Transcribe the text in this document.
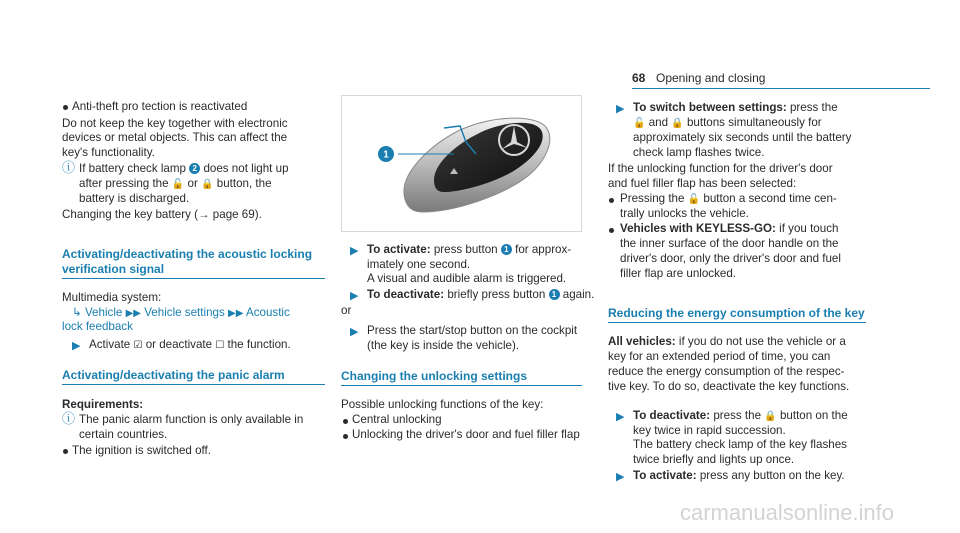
68 Opening and closing
Anti-theft pro tection is reactivated
Do not keep the key together with electronic
devices or metal objects. This can affect the
key's functionality.
ⓘ If battery check lamp 2 does not light up
after pressing the 🔓 or 🔒 button, the
battery is discharged.
Changing the key battery (→ page 69).
Activating/deactivating the acoustic locking
verification signal
Multimedia system:
↳ Vehicle ▶▶ Vehicle settings ▶▶ Acoustic
lock feedback
▶ Activate ☑ or deactivate ☐ the function.
Activating/deactivating the panic alarm
Requirements:
ⓘ The panic alarm function is only available in
certain countries.
The ignition is switched off.
1
▶ To activate: press button 1 for approx-
imately one second.
A visual and audible alarm is triggered.
▶ To deactivate: briefly press button 1 again.
or
▶ Press the start/stop button on the cockpit
(the key is inside the vehicle).
Changing the unlocking settings
Possible unlocking functions of the key:
Central unlocking
Unlocking the driver's door and fuel filler flap
▶ To switch between settings: press the
🔓 and 🔒 buttons simultaneously for
approximately six seconds until the battery
check lamp flashes twice.
If the unlocking function for the driver's door
and fuel filler flap has been selected:
Pressing the 🔓 button a second time cen-
trally unlocks the vehicle.
Vehicles with KEYLESS-GO: if you touch
the inner surface of the door handle on the
driver's door, only the driver's door and fuel
filler flap are unlocked.
Reducing the energy consumption of the key
All vehicles: if you do not use the vehicle or a
key for an extended period of time, you can
reduce the energy consumption of the respec-
tive key. To do so, deactivate the key functions.
▶ To deactivate: press the 🔒 button on the
key twice in rapid succession.
The battery check lamp of the key flashes
twice briefly and lights up once.
▶ To activate: press any button on the key.
carmanualsonline.info
